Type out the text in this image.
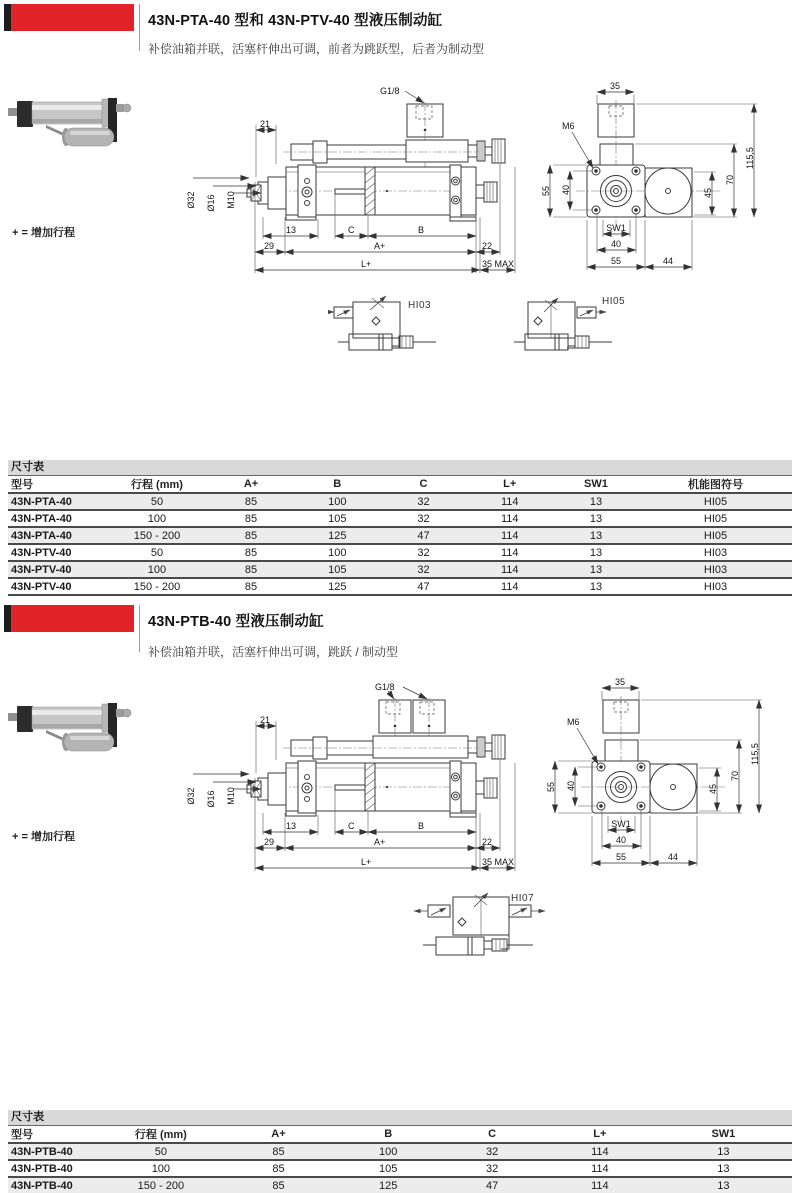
43N-PTA-40 型和 43N-PTV-40 型液压制动缸
补偿油箱并联，活塞杆伸出可调，前者为跳跃型，后者为制动型
+ = 增加行程
G1/8
21
Ø32 Ø16 M10
13	C	B
29	A+	22
L+	35 MAX
M6
35
55 40	45
70
115,5
SW1
40
55	44
HI03	HI05
尺寸表
型号	行程 (mm)	A+	B	C	L+	SW1	机能图符号
43N-PTA-40	50	85	100	32	114	13	HI05
43N-PTA-40	100	85	105	32	114	13	HI05
43N-PTA-40	150 - 200	85	125	47	114	13	HI05
43N-PTV-40	50	85	100	32	114	13	HI03
43N-PTV-40	100	85	105	32	114	13	HI03
43N-PTV-40	150 - 200	85	125	47	114	13	HI03
43N-PTB-40 型液压制动缸
补偿油箱并联，活塞杆伸出可调，跳跃 / 制动型
+ = 增加行程
G1/8
21
Ø32 Ø16 M10
13	C	B
29	A+	22
L+	35 MAX
M6
35
55 40	45
70
115,5
SW1
40
55	44
HI07
尺寸表
型号	行程 (mm)	A+	B	C	L+	SW1
43N-PTB-40	50	85	100	32	114	13
43N-PTB-40	100	85	105	32	114	13
43N-PTB-40	150 - 200	85	125	47	114	13
